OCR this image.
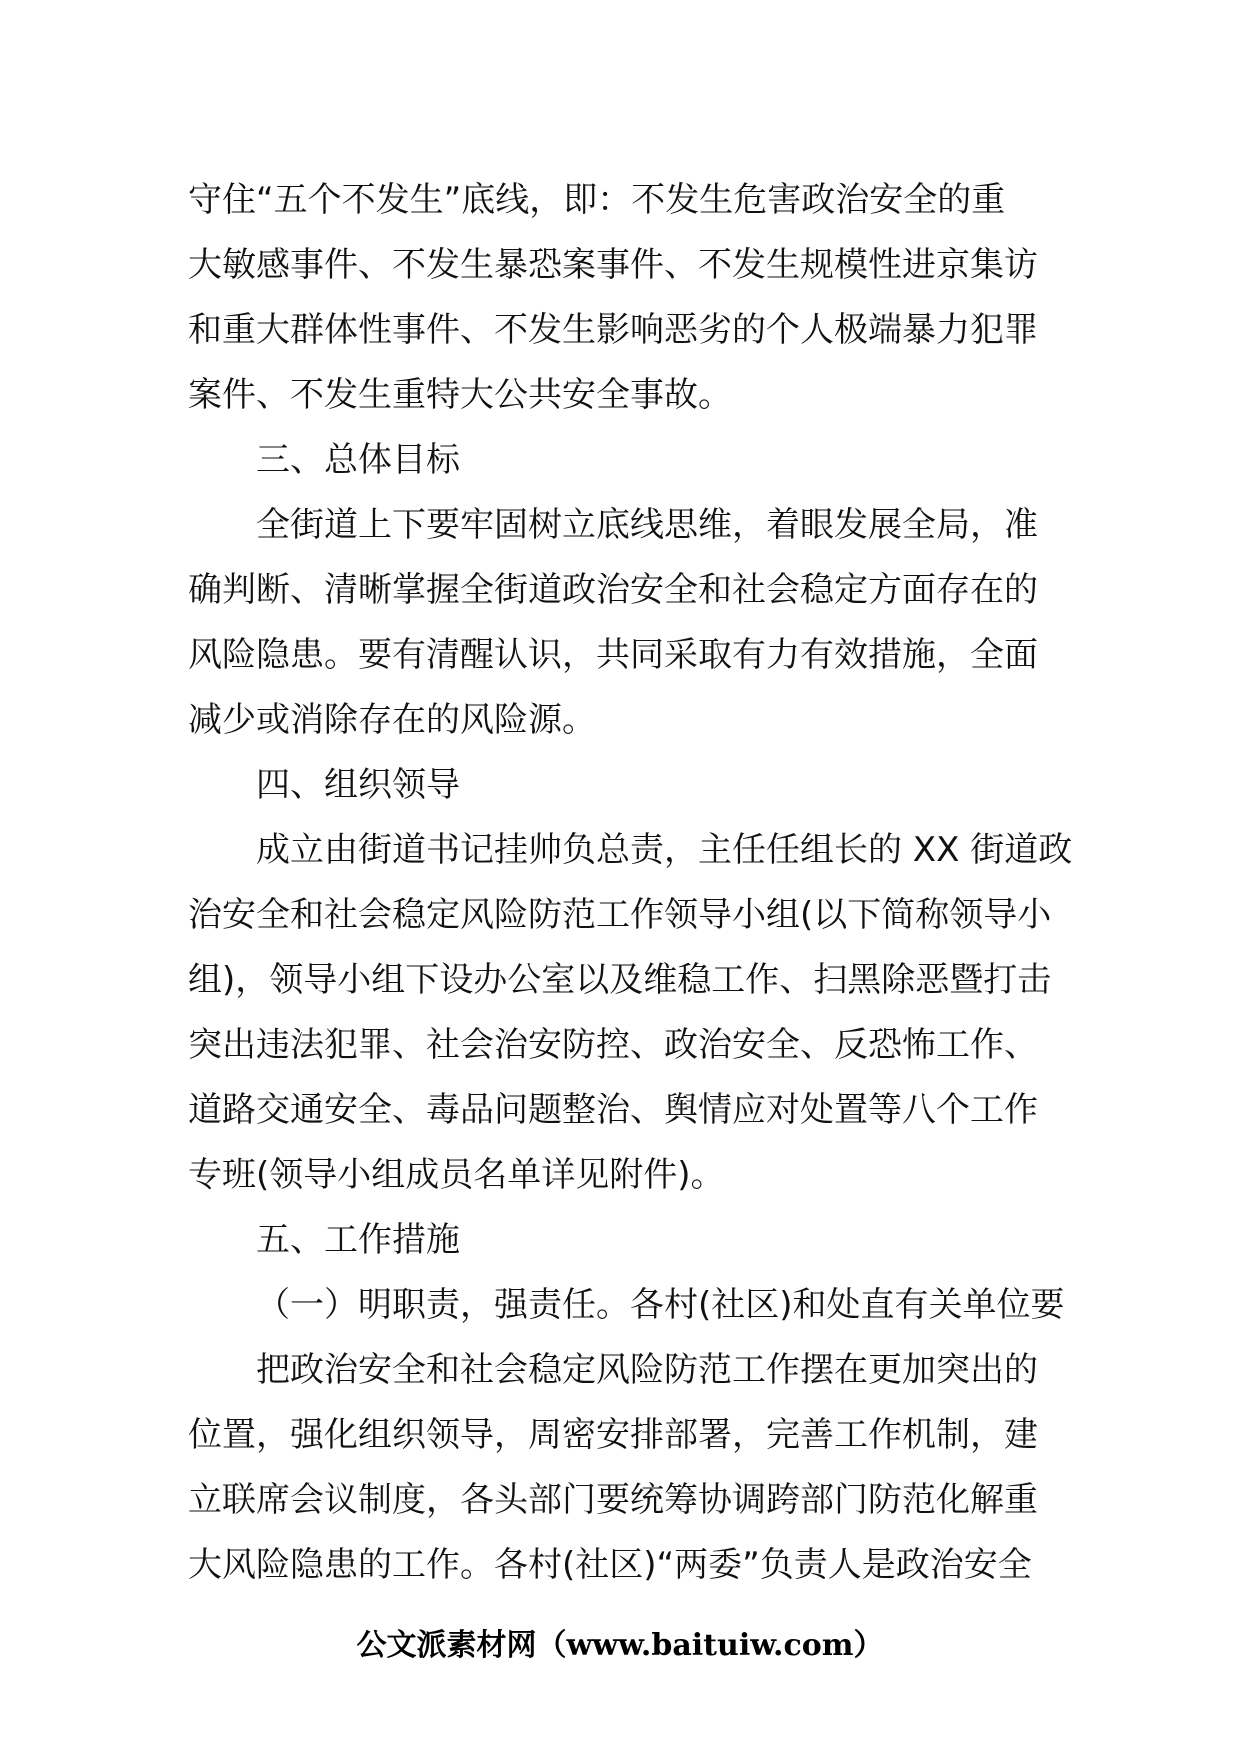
守住“五个不发生”底线，即：不发生危害政治安全的重

大敏感事件、不发生暴恐案事件、不发生规模性进京集访

和重大群体性事件、不发生影响恶劣的个人极端暴力犯罪

案件、不发生重特大公共安全事故。

三、总体目标

全街道上下要牢固树立底线思维，着眼发展全局，准

确判断、清晰掌握全街道政治安全和社会稳定方面存在的

风险隐患。要有清醒认识，共同采取有力有效措施，全面

减少或消除存在的风险源。

四、组织领导

成立由街道书记挂帅负总责，主任任组长的 XX 街道政

治安全和社会稳定风险防范工作领导小组(以下简称领导小

组)，领导小组下设办公室以及维稳工作、扫黑除恶暨打击

突出违法犯罪、社会治安防控、政治安全、反恐怖工作、

道路交通安全、毒品问题整治、舆情应对处置等八个工作

专班(领导小组成员名单详见附件)。

五、工作措施

（一）明职责，强责任。各村(社区)和处直有关单位要

把政治安全和社会稳定风险防范工作摆在更加突出的

位置，强化组织领导，周密安排部署，完善工作机制，建

立联席会议制度，各头部门要统筹协调跨部门防范化解重

大风险隐患的工作。各村(社区)“两委”负责人是政治安全

公文派素材网（www.baituiw.com）
